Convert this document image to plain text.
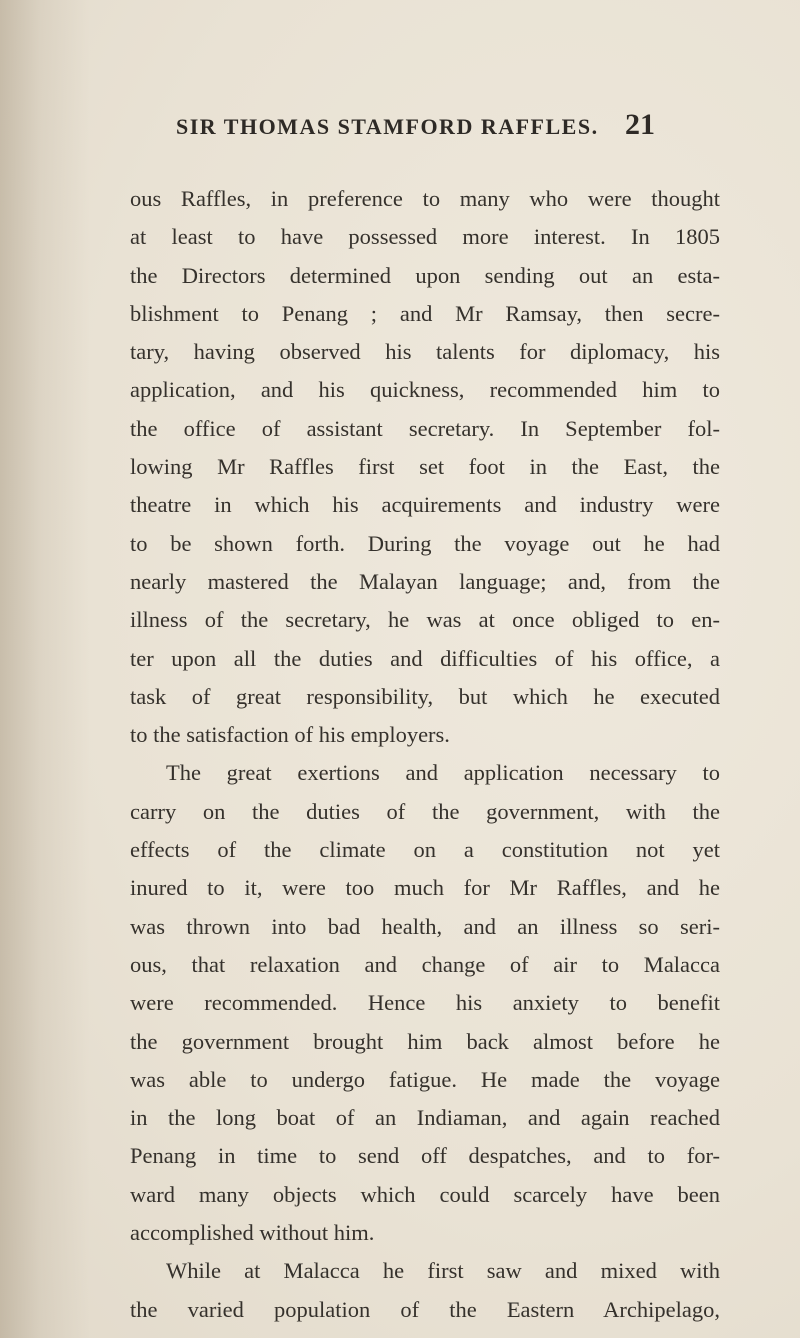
SIR THOMAS STAMFORD RAFFLES. 21
ous Raffles, in preference to many who were thought
at least to have possessed more interest. In 1805
the Directors determined upon sending out an esta-
blishment to Penang ; and Mr Ramsay, then secre-
tary, having observed his talents for diplomacy, his
application, and his quickness, recommended him to
the office of assistant secretary. In September fol-
lowing Mr Raffles first set foot in the East, the
theatre in which his acquirements and industry were
to be shown forth. During the voyage out he had
nearly mastered the Malayan language; and, from the
illness of the secretary, he was at once obliged to en-
ter upon all the duties and difficulties of his office, a
task of great responsibility, but which he executed
to the satisfaction of his employers.
The great exertions and application necessary to
carry on the duties of the government, with the
effects of the climate on a constitution not yet
inured to it, were too much for Mr Raffles, and he
was thrown into bad health, and an illness so seri-
ous, that relaxation and change of air to Malacca
were recommended. Hence his anxiety to benefit
the government brought him back almost before he
was able to undergo fatigue. He made the voyage
in the long boat of an Indiaman, and again reached
Penang in time to send off despatches, and to for-
ward many objects which could scarcely have been
accomplished without him.
While at Malacca he first saw and mixed with
the varied population of the Eastern Archipelago,
